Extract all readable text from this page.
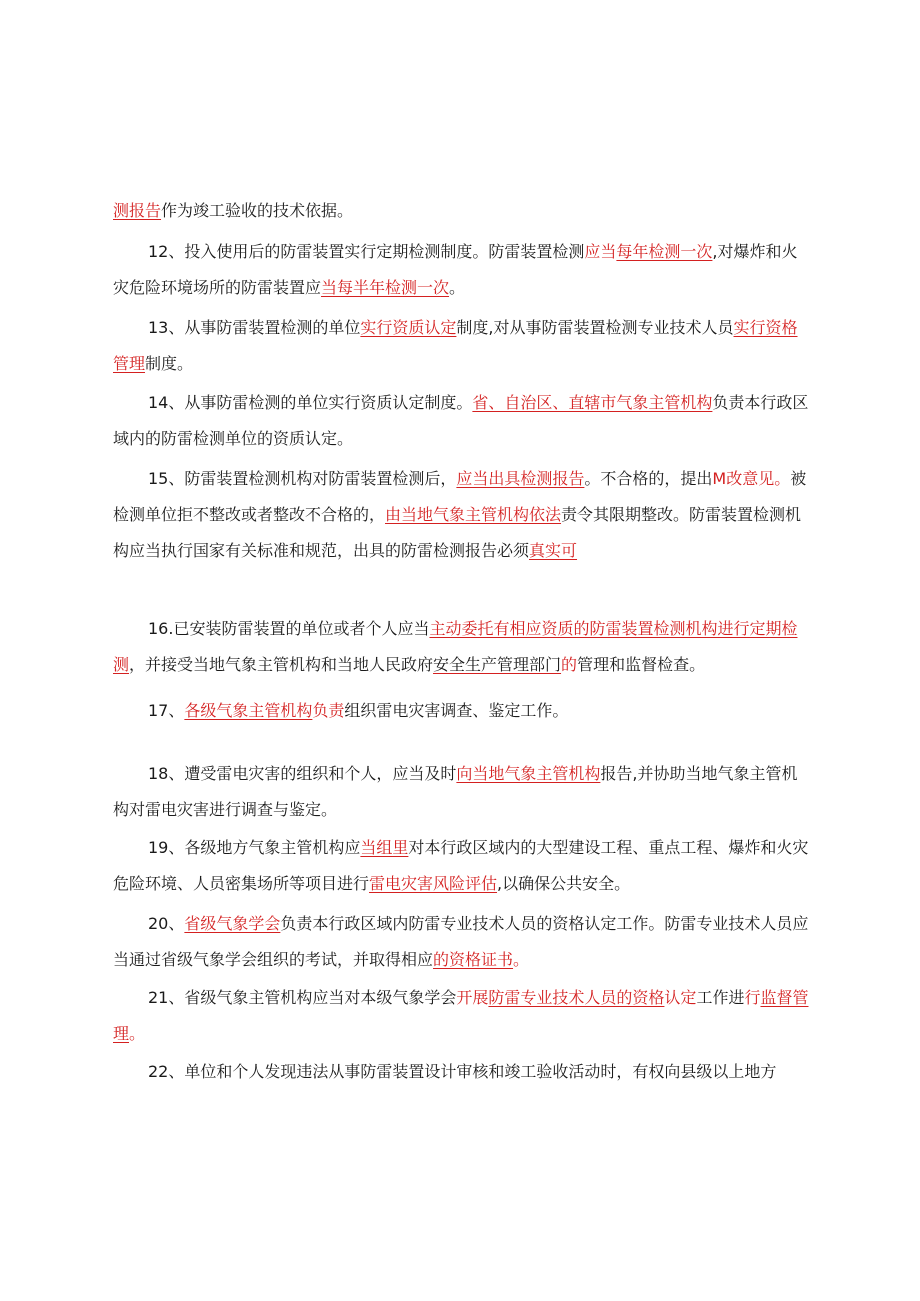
测报告作为竣工验收的技术依据。

12、投入使用后的防雷装置实行定期检测制度。防雷装置检测应当每年检测一次,对爆炸和火灾危险环境场所的防雷装置应当每半年检测一次。

13、从事防雷装置检测的单位实行资质认定制度,对从事防雷装置检测专业技术人员实行资格管理制度。

14、从事防雷检测的单位实行资质认定制度。省、自治区、直辖市气象主管机构负责本行政区域内的防雷检测单位的资质认定。

15、防雷装置检测机构对防雷装置检测后，应当出具检测报告。不合格的，提出M改意见。被检测单位拒不整改或者整改不合格的，由当地气象主管机构依法责令其限期整改。防雷装置检测机构应当执行国家有关标准和规范，出具的防雷检测报告必须真实可

16.已安装防雷装置的单位或者个人应当主动委托有相应资质的防雷装置检测机构进行定期检测，并接受当地气象主管机构和当地人民政府安全生产管理部门的管理和监督检查。

17、各级气象主管机构负责组织雷电灾害调查、鉴定工作。

18、遭受雷电灾害的组织和个人，应当及时向当地气象主管机构报告,并协助当地气象主管机构对雷电灾害进行调查与鉴定。

19、各级地方气象主管机构应当组里对本行政区域内的大型建设工程、重点工程、爆炸和火灾危险环境、人员密集场所等项目进行雷电灾害风险评估,以确保公共安全。

20、省级气象学会负责本行政区域内防雷专业技术人员的资格认定工作。防雷专业技术人员应当通过省级气象学会组织的考试，并取得相应的资格证书。

21、省级气象主管机构应当对本级气象学会开展防雷专业技术人员的资格认定工作进行监督管理。

22、单位和个人发现违法从事防雷装置设计审核和竣工验收活动时，有权向县级以上地方
